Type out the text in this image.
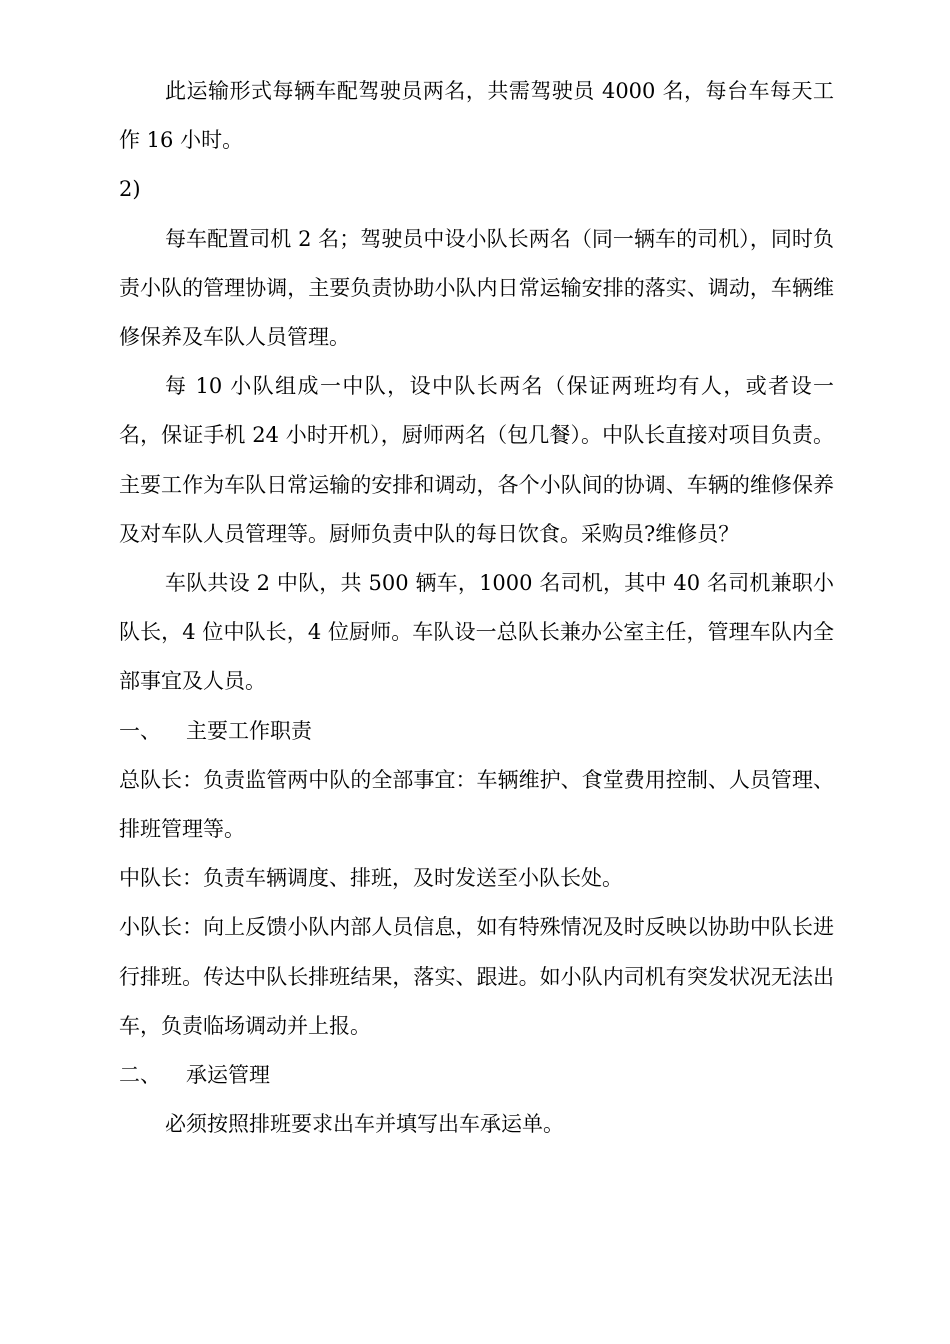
此运输形式每辆车配驾驶员两名，共需驾驶员 4000 名，每台车每天工作 16 小时。

2)

每车配置司机 2 名；驾驶员中设小队长两名（同一辆车的司机），同时负责小队的管理协调，主要负责协助小队内日常运输安排的落实、调动，车辆维修保养及车队人员管理。

每 10 小队组成一中队，设中队长两名（保证两班均有人，或者设一名，保证手机 24 小时开机），厨师两名（包几餐）。中队长直接对项目负责。主要工作为车队日常运输的安排和调动，各个小队间的协调、车辆的维修保养及对车队人员管理等。厨师负责中队的每日饮食。采购员?维修员？

车队共设 2 中队，共 500 辆车，1000 名司机，其中 40 名司机兼职小队长，4 位中队长，4 位厨师。车队设一总队长兼办公室主任，管理车队内全部事宜及人员。

一、 主要工作职责

总队长：负责监管两中队的全部事宜：车辆维护、食堂费用控制、人员管理、排班管理等。

中队长：负责车辆调度、排班，及时发送至小队长处。

小队长：向上反馈小队内部人员信息，如有特殊情况及时反映以协助中队长进行排班。传达中队长排班结果，落实、跟进。如小队内司机有突发状况无法出车，负责临场调动并上报。

二、 承运管理

必须按照排班要求出车并填写出车承运单。
